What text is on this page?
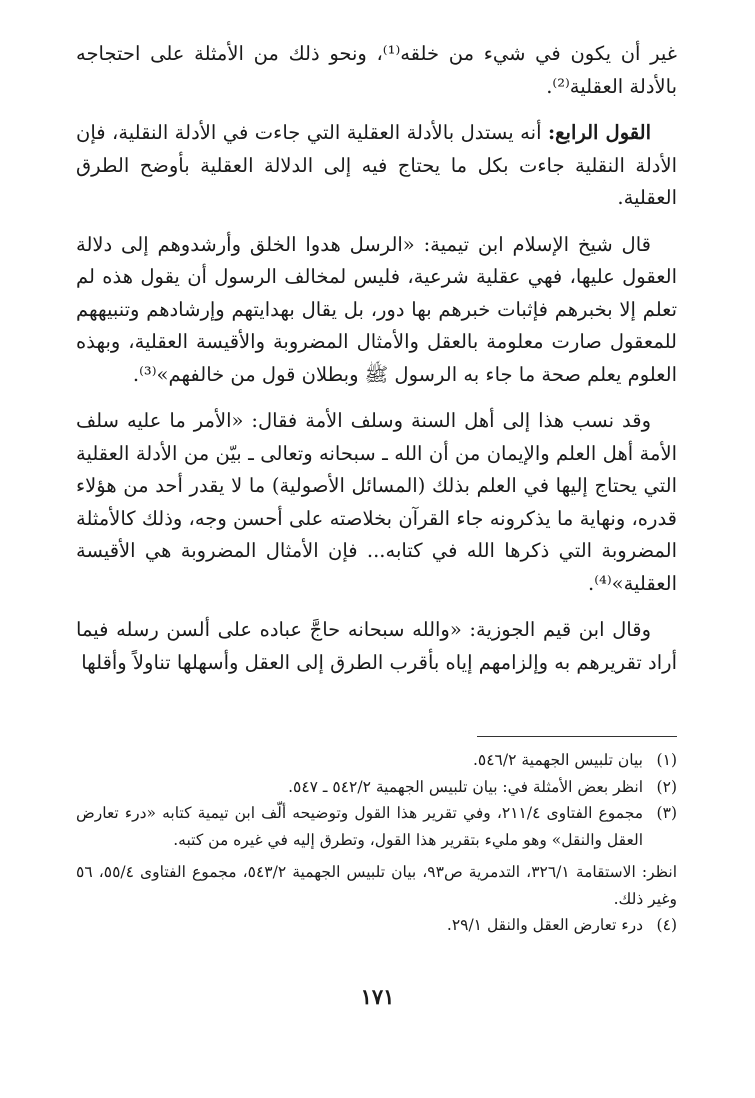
غير أن يكون في شيء من خلقه⁽¹⁾، ونحو ذلك من الأمثلة على احتجاجه بالأدلة العقلية⁽²⁾.

القول الرابع: أنه يستدل بالأدلة العقلية التي جاءت في الأدلة النقلية، فإن الأدلة النقلية جاءت بكل ما يحتاج فيه إلى الدلالة العقلية بأوضح الطرق العقلية.

قال شيخ الإسلام ابن تيمية: «الرسل هدوا الخلق وأرشدوهم إلى دلالة العقول عليها، فهي عقلية شرعية، فليس لمخالف الرسول أن يقول هذه لم تعلم إلا بخبرهم فإثبات خبرهم بها دور، بل يقال بهدايتهم وإرشادهم وتنبيههم للمعقول صارت معلومة بالعقل والأمثال المضروبة والأقيسة العقلية، وبهذه العلوم يعلم صحة ما جاء به الرسول ﷺ وبطلان قول من خالفهم»⁽³⁾.

وقد نسب هذا إلى أهل السنة وسلف الأمة فقال: «الأمر ما عليه سلف الأمة أهل العلم والإيمان من أن الله ـ سبحانه وتعالى ـ بيّن من الأدلة العقلية التي يحتاج إليها في العلم بذلك (المسائل الأصولية) ما لا يقدر أحد من هؤلاء قدره، ونهاية ما يذكرونه جاء القرآن بخلاصته على أحسن وجه، وذلك كالأمثلة المضروبة التي ذكرها الله في كتابه... فإن الأمثال المضروبة هي الأقيسة العقلية»⁽⁴⁾.

وقال ابن قيم الجوزية: «والله سبحانه حاجَّ عباده على ألسن رسله فيما أراد تقريرهم به وإلزامهم إياه بأقرب الطرق إلى العقل وأسهلها تناولاً وأقلها

(١)
بيان تلبيس الجهمية ٥٤٦/٢.
(٢)
انظر بعض الأمثلة في: بيان تلبيس الجهمية ٥٤٢/٢ ـ ٥٤٧.
(٣)
مجموع الفتاوى ٢١١/٤، وفي تقرير هذا القول وتوضيحه ألّف ابن تيمية كتابه «درء تعارض العقل والنقل» وهو مليء بتقرير هذا القول، وتطرق إليه في غيره من كتبه.
انظر: الاستقامة ٣٢٦/١، التدمرية ص٩٣، بيان تلبيس الجهمية ٥٤٣/٢، مجموع الفتاوى ٥٥/٤، ٥٦ وغير ذلك.
(٤)
درء تعارض العقل والنقل ٢٩/١.
١٧١
